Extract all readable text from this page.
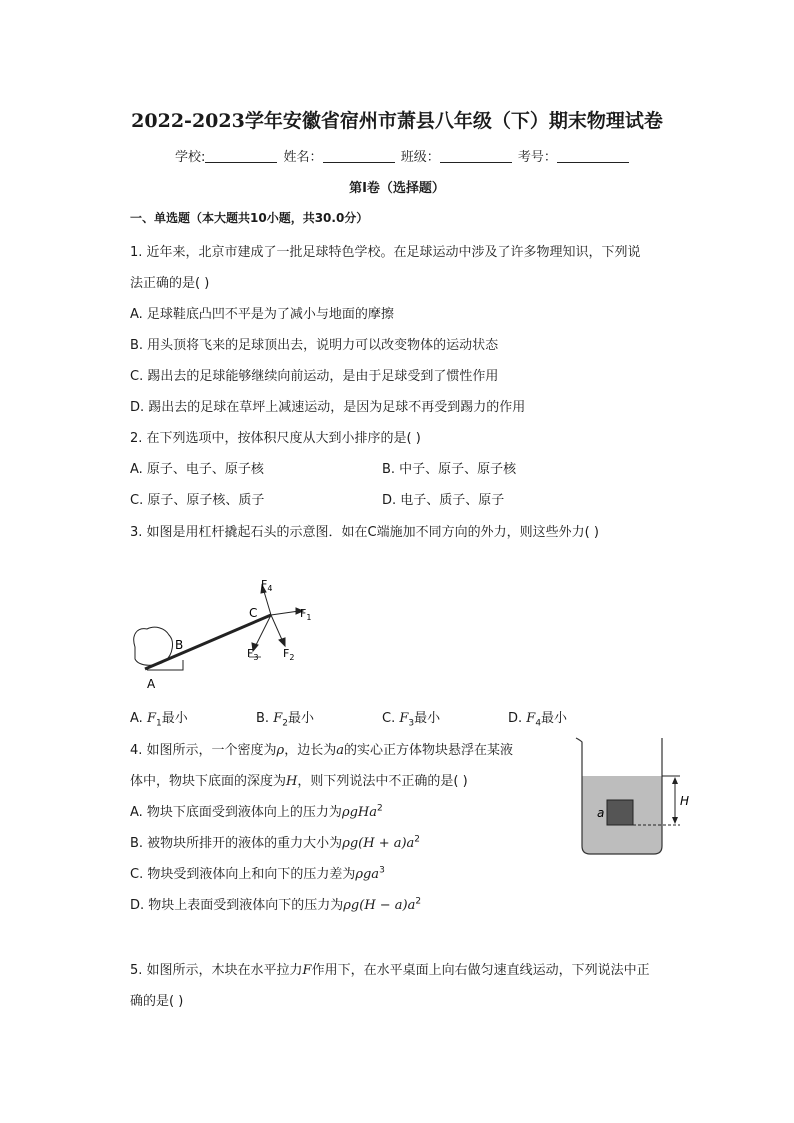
2022-2023学年安徽省宿州市萧县八年级（下）期末物理试卷
学校:	姓名：	班级：	考号：
第Ⅰ卷（选择题）
一、单选题（本大题共10小题，共30.0分）
1. 近年来，北京市建成了一批足球特色学校。在足球运动中涉及了许多物理知识，下列说
法正确的是( )
A. 足球鞋底凸凹不平是为了减小与地面的摩擦
B. 用头顶将飞来的足球顶出去，说明力可以改变物体的运动状态
C. 踢出去的足球能够继续向前运动，是由于足球受到了惯性作用
D. 踢出去的足球在草坪上减速运动，是因为足球不再受到踢力的作用
2. 在下列选项中，按体积尺度从大到小排序的是( )
A. 原子、电子、原子核	B. 中子、原子、原子核
C. 原子、原子核、质子	D. 电子、质子、原子
3. 如图是用杠杆撬起石头的示意图．如在C端施加不同方向的外力，则这些外力( )
A
B
C
$F_4$
$F_1$
$F_2$
$F_3$
A. $F_1$最小	B. $F_2$最小	C. $F_3$最小	D. $F_4$最小
4. 如图所示，一个密度为ρ，边长为a的实心正方体物块悬浮在某液
体中，物块下底面的深度为H，则下列说法中不正确的是( )
A. 物块下底面受到液体向上的压力为ρgHa$^2$
B. 被物块所排开的液体的重力大小为$\rho g(H + a)a^2$
C. 物块受到液体向上和向下的压力差为ρga$^3$
D. 物块上表面受到液体向下的压力为$\rho g(H - a)a^2$
a
H
5. 如图所示，木块在水平拉力F作用下，在水平桌面上向右做匀速直线运动，下列说法中正
确的是( )
